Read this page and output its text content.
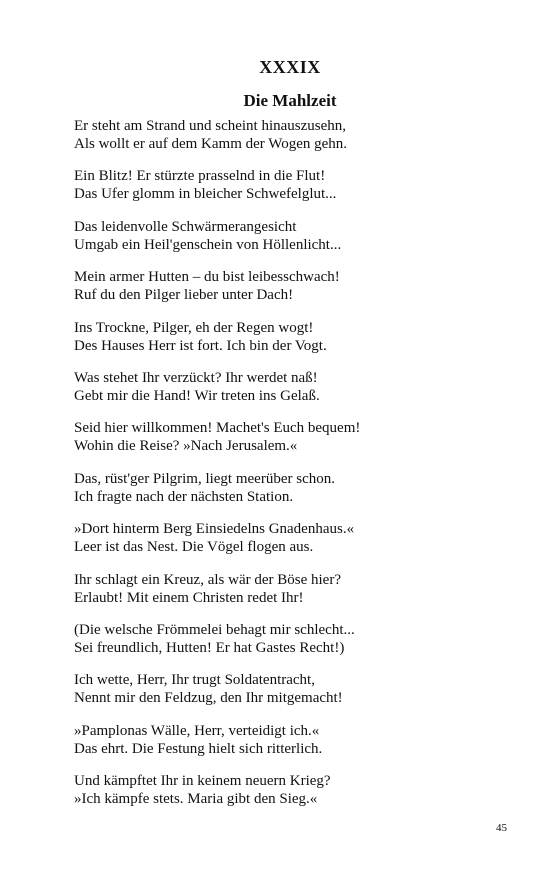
XXXIX
Die Mahlzeit
Er steht am Strand und scheint hinauszusehn,
Als wollt er auf dem Kamm der Wogen gehn.
Ein Blitz! Er stürzte prasselnd in die Flut!
Das Ufer glomm in bleicher Schwefelglut...
Das leidenvolle Schwärmerangesicht
Umgab ein Heil'genschein von Höllenlicht...
Mein armer Hutten – du bist leibesschwach!
Ruf du den Pilger lieber unter Dach!
Ins Trockne, Pilger, eh der Regen wogt!
Des Hauses Herr ist fort. Ich bin der Vogt.
Was stehet Ihr verzückt? Ihr werdet naß!
Gebt mir die Hand! Wir treten ins Gelaß.
Seid hier willkommen! Machet's Euch bequem!
Wohin die Reise? »Nach Jerusalem.«
Das, rüst'ger Pilgrim, liegt meerüber schon.
Ich fragte nach der nächsten Station.
»Dort hinterm Berg Einsiedelns Gnadenhaus.«
Leer ist das Nest. Die Vögel flogen aus.
Ihr schlagt ein Kreuz, als wär der Böse hier?
Erlaubt! Mit einem Christen redet Ihr!
(Die welsche Frömmelei behagt mir schlecht...
Sei freundlich, Hutten! Er hat Gastes Recht!)
Ich wette, Herr, Ihr trugt Soldatentracht,
Nennt mir den Feldzug, den Ihr mitgemacht!
»Pamplonas Wälle, Herr, verteidigt ich.«
Das ehrt. Die Festung hielt sich ritterlich.
Und kämpftet Ihr in keinem neuern Krieg?
»Ich kämpfe stets. Maria gibt den Sieg.«
45
